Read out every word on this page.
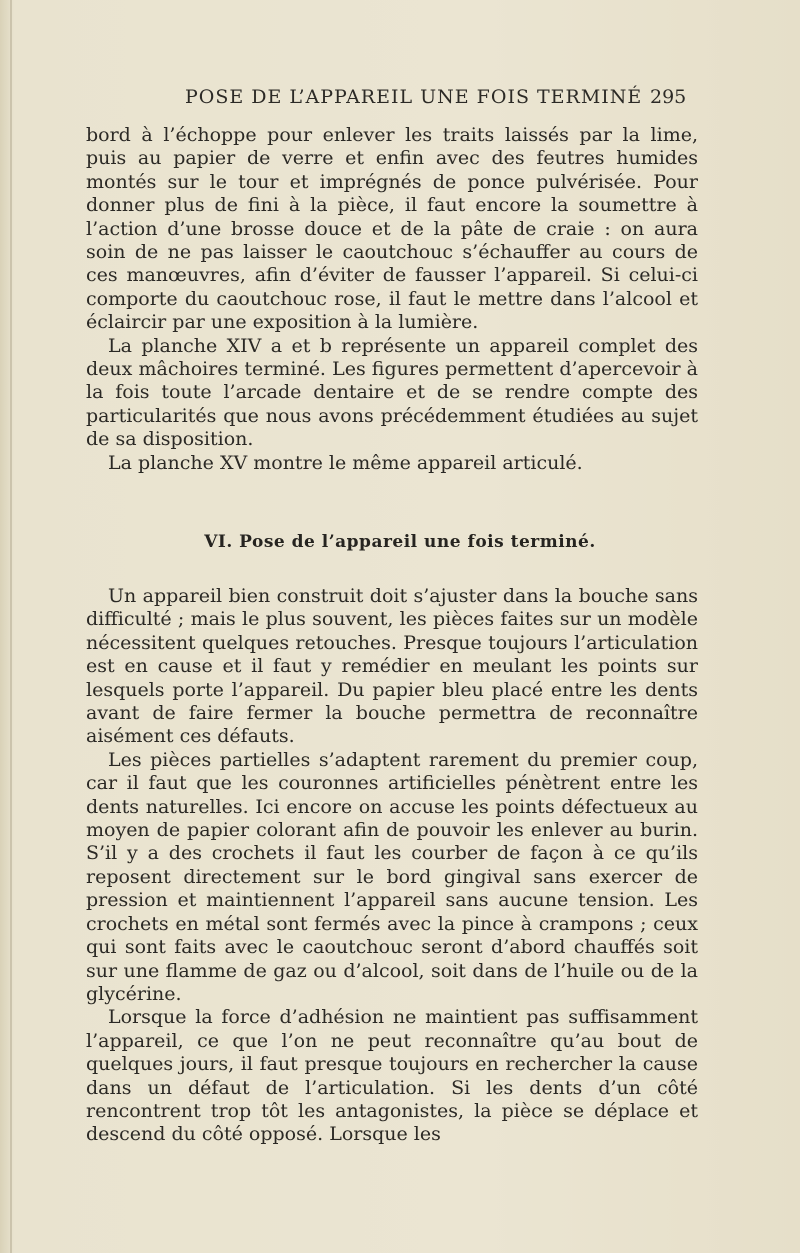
POSE DE L’APPAREIL UNE FOIS TERMINÉ 295

bord à l’échoppe pour enlever les traits laissés par la lime, puis au papier de verre et enfin avec des feutres humides montés sur le tour et imprégnés de ponce pulvérisée. Pour donner plus de fini à la pièce, il faut encore la soumettre à l’action d’une brosse douce et de la pâte de craie : on aura soin de ne pas laisser le caoutchouc s’échauffer au cours de ces manœuvres, afin d’éviter de fausser l’appareil. Si celui-ci comporte du caoutchouc rose, il faut le mettre dans l’alcool et éclaircir par une exposition à la lumière.

La planche XIV a et b représente un appareil complet des deux mâchoires terminé. Les figures permettent d’apercevoir à la fois toute l’arcade dentaire et de se rendre compte des particularités que nous avons précédemment étudiées au sujet de sa disposition.

La planche XV montre le même appareil articulé.

VI. Pose de l’appareil une fois terminé.

Un appareil bien construit doit s’ajuster dans la bouche sans difficulté ; mais le plus souvent, les pièces faites sur un modèle nécessitent quelques retouches. Presque toujours l’articulation est en cause et il faut y remédier en meulant les points sur lesquels porte l’appareil. Du papier bleu placé entre les dents avant de faire fermer la bouche permettra de reconnaître aisément ces défauts.

Les pièces partielles s’adaptent rarement du premier coup, car il faut que les couronnes artificielles pénètrent entre les dents naturelles. Ici encore on accuse les points défectueux au moyen de papier colorant afin de pouvoir les enlever au burin. S’il y a des crochets il faut les courber de façon à ce qu’ils reposent directement sur le bord gingival sans exercer de pression et maintiennent l’appareil sans aucune tension. Les crochets en métal sont fermés avec la pince à crampons ; ceux qui sont faits avec le caoutchouc seront d’abord chauffés soit sur une flamme de gaz ou d’alcool, soit dans de l’huile ou de la glycérine.

Lorsque la force d’adhésion ne maintient pas suffisamment l’appareil, ce que l’on ne peut reconnaître qu’au bout de quelques jours, il faut presque toujours en rechercher la cause dans un défaut de l’articulation. Si les dents d’un côté rencontrent trop tôt les antagonistes, la pièce se déplace et descend du côté opposé. Lorsque les
